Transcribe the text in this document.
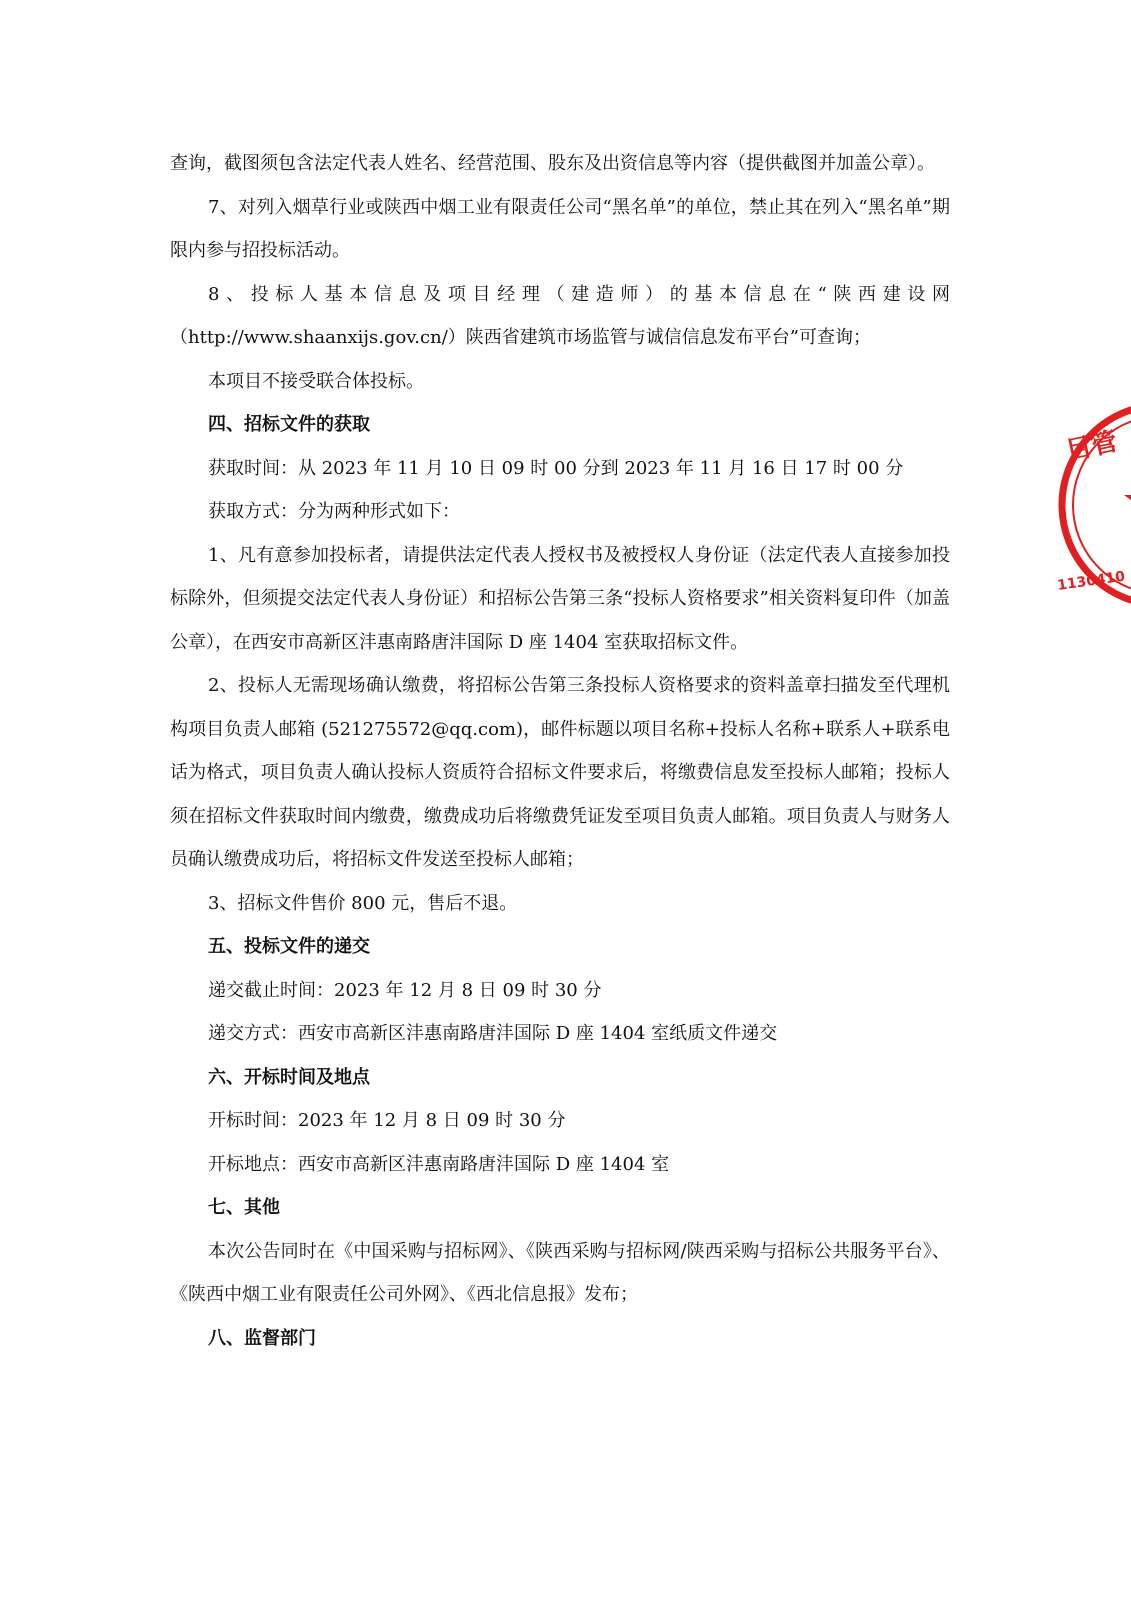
查询，截图须包含法定代表人姓名、经营范围、股东及出资信息等内容（提供截图并加盖公章）。

7、对列入烟草行业或陕西中烟工业有限责任公司“黑名单”的单位，禁止其在列入“黑名单”期限内参与招投标活动。

8、投标人基本信息及项目经理（建造师）的基本信息在“陕西建设网（http://www.shaanxijs.gov.cn/）陕西省建筑市场监管与诚信信息发布平台”可查询；

本项目不接受联合体投标。

四、招标文件的获取

获取时间：从 2023 年 11 月 10 日 09 时 00 分到 2023 年 11 月 16 日 17 时 00 分

获取方式：分为两种形式如下：

1、凡有意参加投标者，请提供法定代表人授权书及被授权人身份证（法定代表人直接参加投标除外，但须提交法定代表人身份证）和招标公告第三条“投标人资格要求”相关资料复印件（加盖公章），在西安市高新区沣惠南路唐沣国际 D 座 1404 室获取招标文件。

2、投标人无需现场确认缴费，将招标公告第三条投标人资格要求的资料盖章扫描发至代理机构项目负责人邮箱 (521275572@qq.com)，邮件标题以项目名称+投标人名称+联系人+联系电话为格式，项目负责人确认投标人资质符合招标文件要求后，将缴费信息发至投标人邮箱；投标人须在招标文件获取时间内缴费，缴费成功后将缴费凭证发至项目负责人邮箱。项目负责人与财务人员确认缴费成功后，将招标文件发送至投标人邮箱；

3、招标文件售价 800 元，售后不退。

五、投标文件的递交

递交截止时间：2023 年 12 月 8 日 09 时 30 分

递交方式：西安市高新区沣惠南路唐沣国际 D 座 1404 室纸质文件递交

六、开标时间及地点

开标时间：2023 年 12 月 8 日 09 时 30 分

开标地点：西安市高新区沣惠南路唐沣国际 D 座 1404 室

七、其他

本次公告同时在《中国采购与招标网》、《陕西采购与招标网/陕西采购与招标公共服务平台》、《陕西中烟工业有限责任公司外网》、《西北信息报》发布；

八、监督部门

目管
1130410
